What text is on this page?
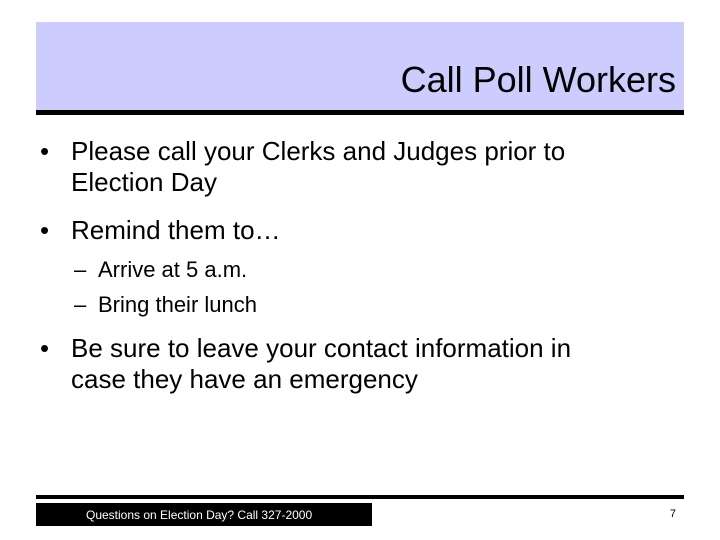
Call Poll Workers
• Please call your Clerks and Judges prior to
Election Day
• Remind them to…
– Arrive at 5 a.m.
– Bring their lunch
• Be sure to leave your contact information in
case they have an emergency
Questions on Election Day? Call 327-2000	7
